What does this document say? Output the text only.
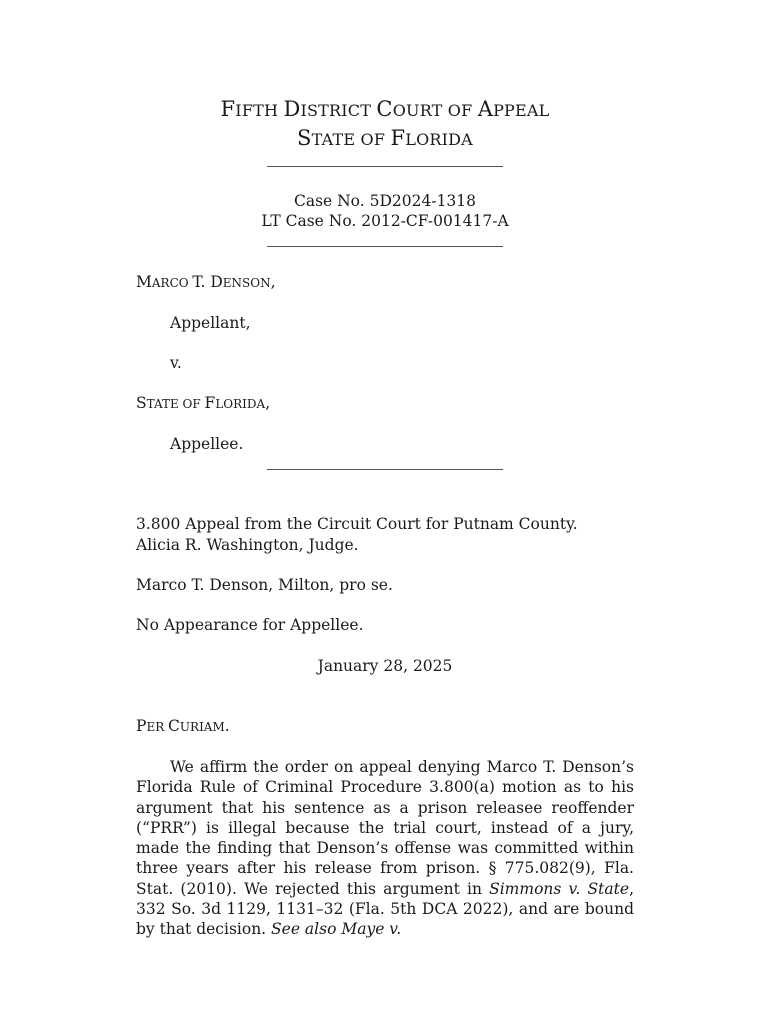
FIFTH DISTRICT COURT OF APPEAL
STATE OF FLORIDA
Case No. 5D2024-1318
LT Case No. 2012-CF-001417-A
MARCO T. DENSON,
Appellant,
v.
STATE OF FLORIDA,
Appellee.
3.800 Appeal from the Circuit Court for Putnam County.
Alicia R. Washington, Judge.
Marco T. Denson, Milton, pro se.
No Appearance for Appellee.
January 28, 2025
PER CURIAM.

We affirm the order on appeal denying Marco T. Denson’s Florida Rule of Criminal Procedure 3.800(a) motion as to his argument that his sentence as a prison releasee reoffender (“PRR”) is illegal because the trial court, instead of a jury, made the finding that Denson’s offense was committed within three years after his release from prison. § 775.082(9), Fla. Stat. (2010). We rejected this argument in Simmons v. State, 332 So. 3d 1129, 1131–32 (Fla. 5th DCA 2022), and are bound by that decision. See also Maye v.
